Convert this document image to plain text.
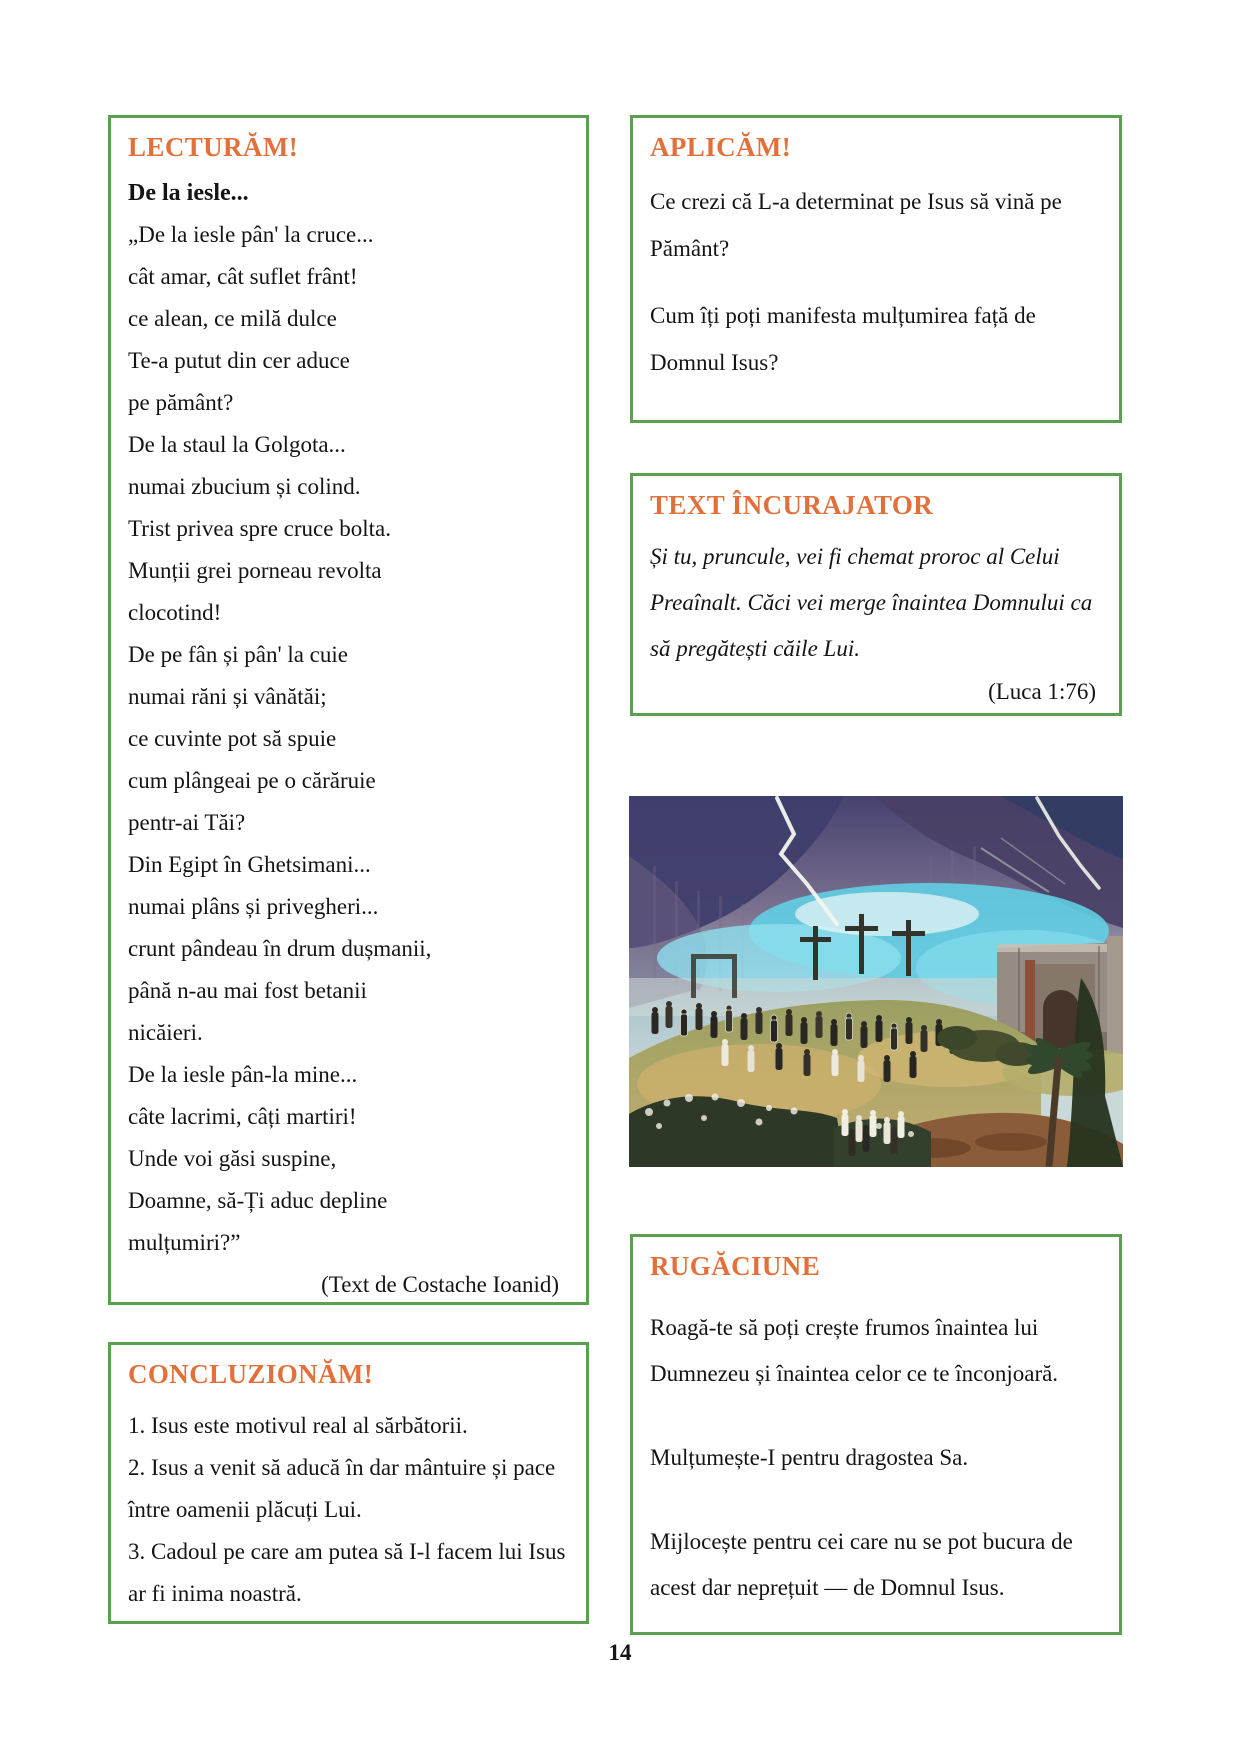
LECTURĂM!
De la iesle...
„De la iesle pân' la cruce...
cât amar, cât suflet frânt!
ce alean, ce milă dulce
Te-a putut din cer aduce
pe pământ?
De la staul la Golgota...
numai zbucium și colind.
Trist privea spre cruce bolta.
Munții grei porneau revolta
clocotind!
De pe fân și pân' la cuie
numai răni și vânătăi;
ce cuvinte pot să spuie
cum plângeai pe o cărăruie
pentr-ai Tăi?
Din Egipt în Ghetsimani...
numai plâns și privegheri...
crunt pândeau în drum dușmanii,
până n-au mai fost betanii
nicăieri.
De la iesle pân-la mine...
câte lacrimi, câți martiri!
Unde voi găsi suspine,
Doamne, să-Ți aduc depline
mulțumiri?”
(Text de Costache Ioanid)
CONCLUZIONĂM!

1. Isus este motivul real al sărbătorii.

2. Isus a venit să aducă în dar mântuire și pace între oamenii plăcuți Lui.

3. Cadoul pe care am putea să I-l facem lui Isus ar fi inima noastră.

APLICĂM!

Ce crezi că L-a determinat pe Isus să vină pe Pământ?

Cum îți poți manifesta mulțumirea față de Domnul Isus?

TEXT ÎNCURAJATOR
Și tu, pruncule, vei fi chemat proroc al Celui Preaînalt. Căci vei merge înaintea Domnului ca să pregătești căile Lui.
(Luca 1:76)
RUGĂCIUNE

Roagă-te să poți crește frumos înaintea lui Dumnezeu și înaintea celor ce te înconjoară.

Mulțumește-I pentru dragostea Sa.

Mijlocește pentru cei care nu se pot bucura de acest dar neprețuit — de Domnul Isus.

14
